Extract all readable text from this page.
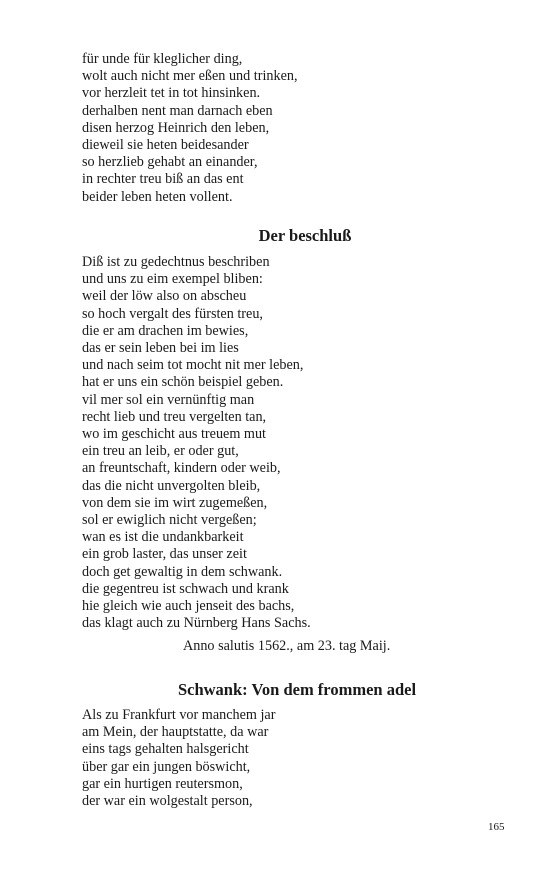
für unde für kleglicher ding,
wolt auch nicht mer eßen und trinken,
vor herzleit tet in tot hinsinken.
derhalben nent man darnach eben
disen herzog Heinrich den leben,
dieweil sie heten beidesander
so herzlieb gehabt an einander,
in rechter treu biß an das ent
beider leben heten vollent.
Der beschluß
Diß ist zu gedechtnus beschriben
und uns zu eim exempel bliben:
weil der löw also on abscheu
so hoch vergalt des fürsten treu,
die er am drachen im bewies,
das er sein leben bei im lies
und nach seim tot mocht nit mer leben,
hat er uns ein schön beispiel geben.
vil mer sol ein vernünftig man
recht lieb und treu vergelten tan,
wo im geschicht aus treuem mut
ein treu an leib, er oder gut,
an freuntschaft, kindern oder weib,
das die nicht unvergolten bleib,
von dem sie im wirt zugemeßen,
sol er ewiglich nicht vergeßen;
wan es ist die undankbarkeit
ein grob laster, das unser zeit
doch get gewaltig in dem schwank.
die gegentreu ist schwach und krank
hie gleich wie auch jenseit des bachs,
das klagt auch zu Nürnberg Hans Sachs.
Anno salutis 1562., am 23. tag Maij.
Schwank: Von dem frommen adel
Als zu Frankfurt vor manchem jar
am Mein, der hauptstatte, da war
eins tags gehalten halsgericht
über gar ein jungen böswicht,
gar ein hurtigen reutersmon,
der war ein wolgestalt person,
165
